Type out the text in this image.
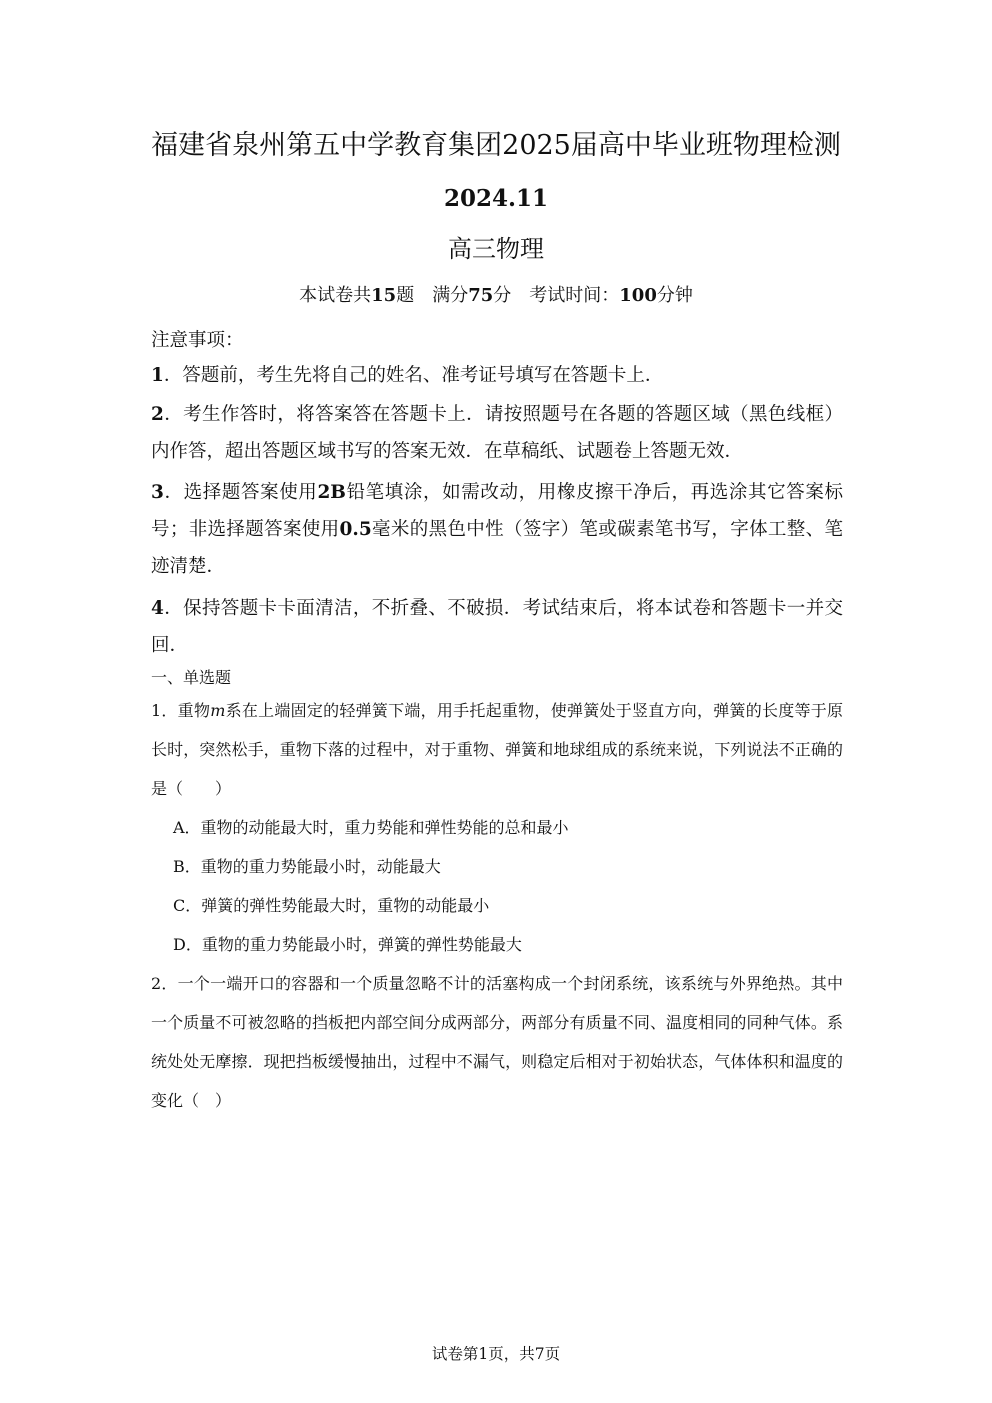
福建省泉州第五中学教育集团2025届高中毕业班物理检测
2024.11
高三物理
本试卷共15题 满分75分 考试时间：100分钟
注意事项：
1．答题前，考生先将自己的姓名、准考证号填写在答题卡上．
2．考生作答时，将答案答在答题卡上．请按照题号在各题的答题区域（黑色线框）内作答，超出答题区域书写的答案无效．在草稿纸、试题卷上答题无效．
3．选择题答案使用2B铅笔填涂，如需改动，用橡皮擦干净后，再选涂其它答案标号；非选择题答案使用0.5毫米的黑色中性（签字）笔或碳素笔书写，字体工整、笔迹清楚．
4．保持答题卡卡面清洁，不折叠、不破损．考试结束后，将本试卷和答题卡一并交回．
一、单选题
1．重物m系在上端固定的轻弹簧下端，用手托起重物，使弹簧处于竖直方向，弹簧的长度等于原长时，突然松手，重物下落的过程中，对于重物、弹簧和地球组成的系统来说，下列说法不正确的是（　　）
A．重物的动能最大时，重力势能和弹性势能的总和最小
B．重物的重力势能最小时，动能最大
C．弹簧的弹性势能最大时，重物的动能最小
D．重物的重力势能最小时，弹簧的弹性势能最大
2．一个一端开口的容器和一个质量忽略不计的活塞构成一个封闭系统，该系统与外界绝热。其中一个质量不可被忽略的挡板把内部空间分成两部分，两部分有质量不同、温度相同的同种气体。系统处处无摩擦．现把挡板缓慢抽出，过程中不漏气，则稳定后相对于初始状态，气体体积和温度的变化（　）
试卷第1页，共7页
